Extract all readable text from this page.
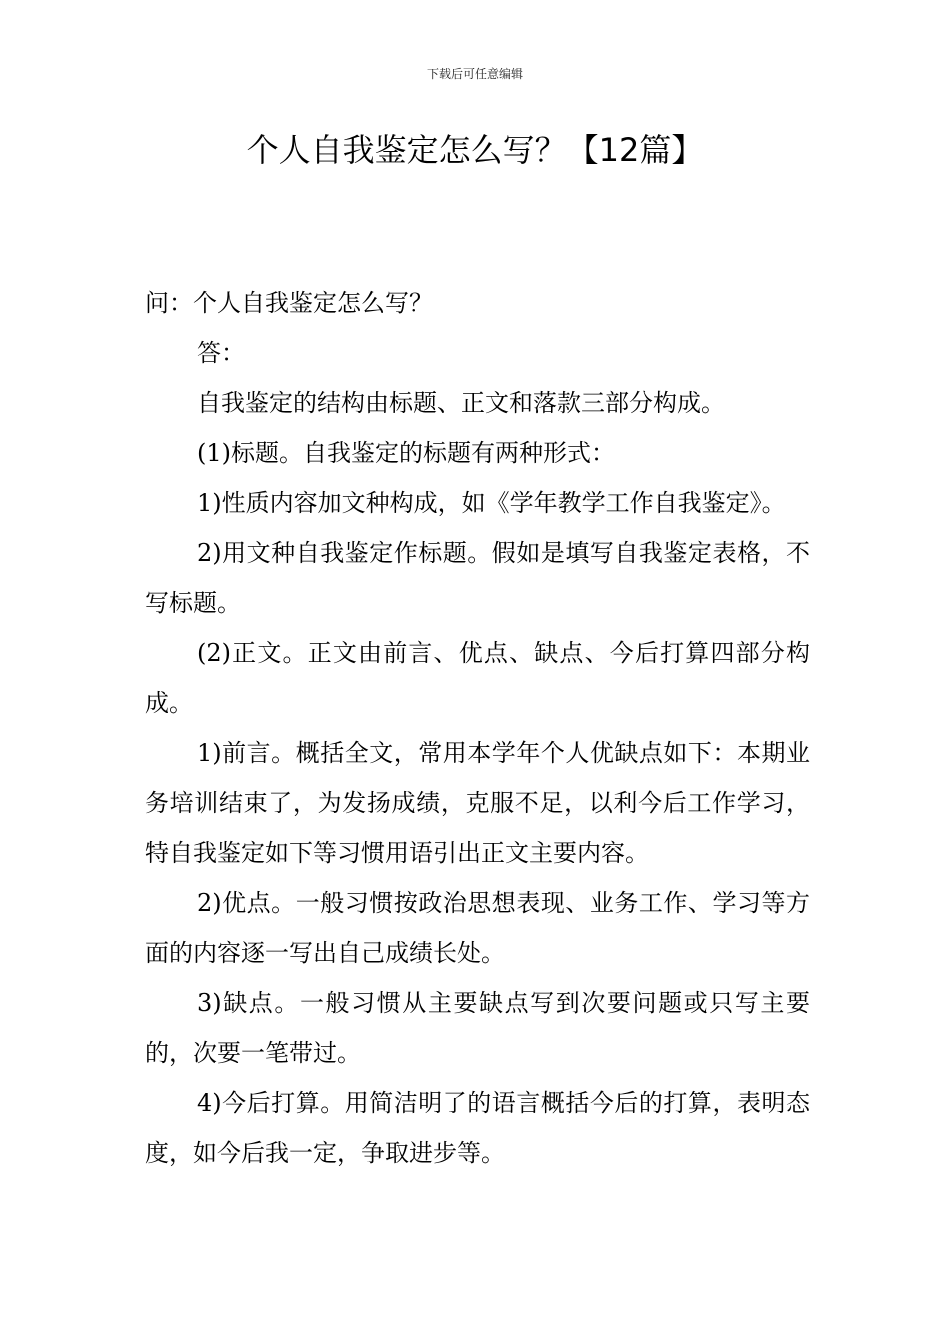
下载后可任意编辑
个人自我鉴定怎么写？【12篇】

问：个人自我鉴定怎么写？

答：

自我鉴定的结构由标题、正文和落款三部分构成。

(1)标题。自我鉴定的标题有两种形式：

1)性质内容加文种构成，如《学年教学工作自我鉴定》。

2)用文种自我鉴定作标题。假如是填写自我鉴定表格，不写标题。

(2)正文。正文由前言、优点、缺点、今后打算四部分构成。

1)前言。概括全文，常用本学年个人优缺点如下：本期业务培训结束了，为发扬成绩，克服不足，以利今后工作学习，特自我鉴定如下等习惯用语引出正文主要内容。

2)优点。一般习惯按政治思想表现、业务工作、学习等方面的内容逐一写出自己成绩长处。

3)缺点。一般习惯从主要缺点写到次要问题或只写主要的，次要一笔带过。

4)今后打算。用简洁明了的语言概括今后的打算，表明态度，如今后我一定，争取进步等。
